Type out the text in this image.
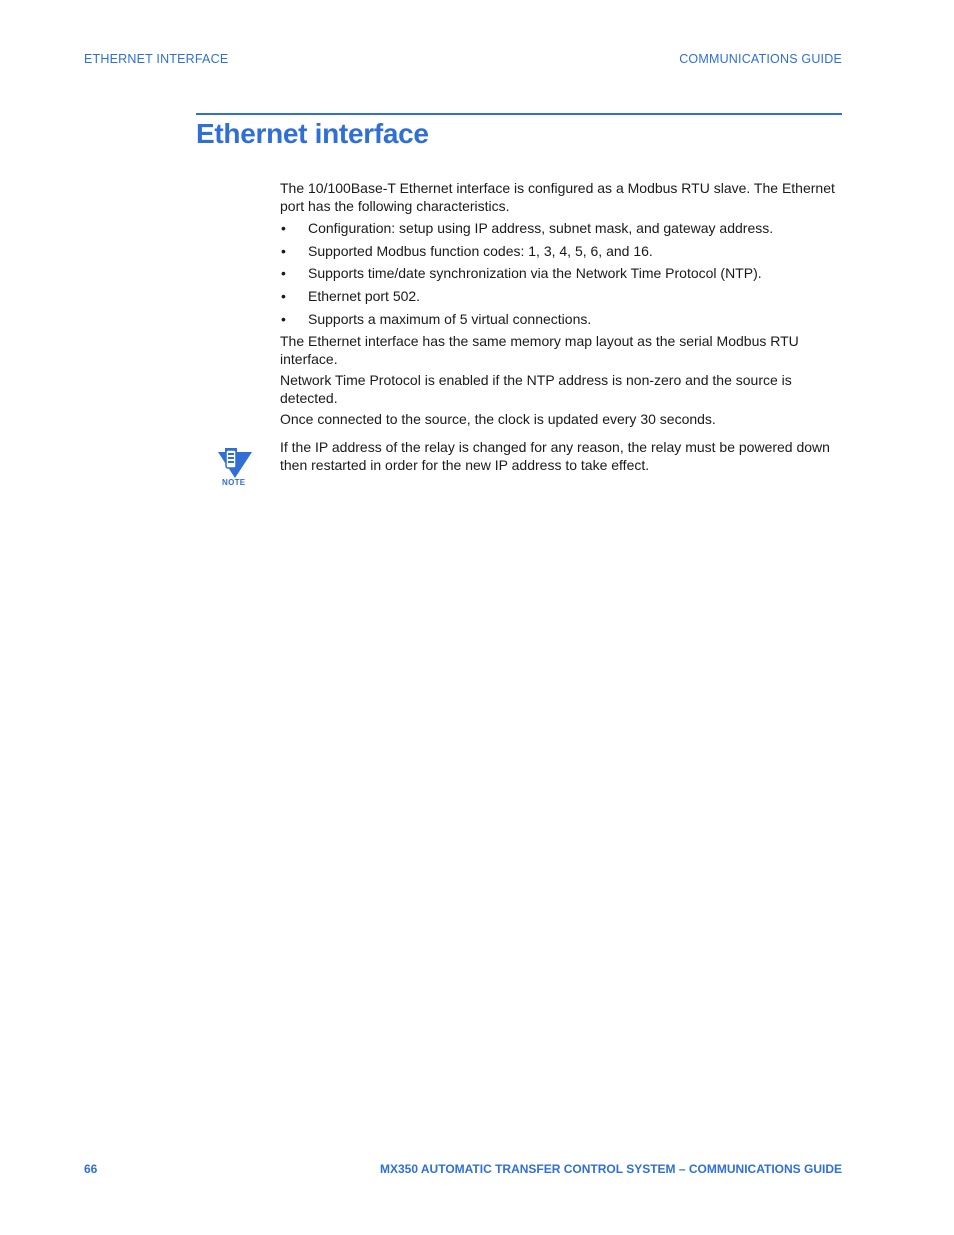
ETHERNET INTERFACE	COMMUNICATIONS GUIDE
Ethernet interface

The 10/100Base-T Ethernet interface is configured as a Modbus RTU slave. The Ethernet port has the following characteristics.

• Configuration: setup using IP address, subnet mask, and gateway address.
• Supported Modbus function codes: 1, 3, 4, 5, 6, and 16.
• Supports time/date synchronization via the Network Time Protocol (NTP).
• Ethernet port 502.
• Supports a maximum of 5 virtual connections.

The Ethernet interface has the same memory map layout as the serial Modbus RTU interface.

Network Time Protocol is enabled if the NTP address is non-zero and the source is detected.

Once connected to the source, the clock is updated every 30 seconds.

NOTE

If the IP address of the relay is changed for any reason, the relay must be powered down then restarted in order for the new IP address to take effect.

66	MX350 AUTOMATIC TRANSFER CONTROL SYSTEM – COMMUNICATIONS GUIDE
